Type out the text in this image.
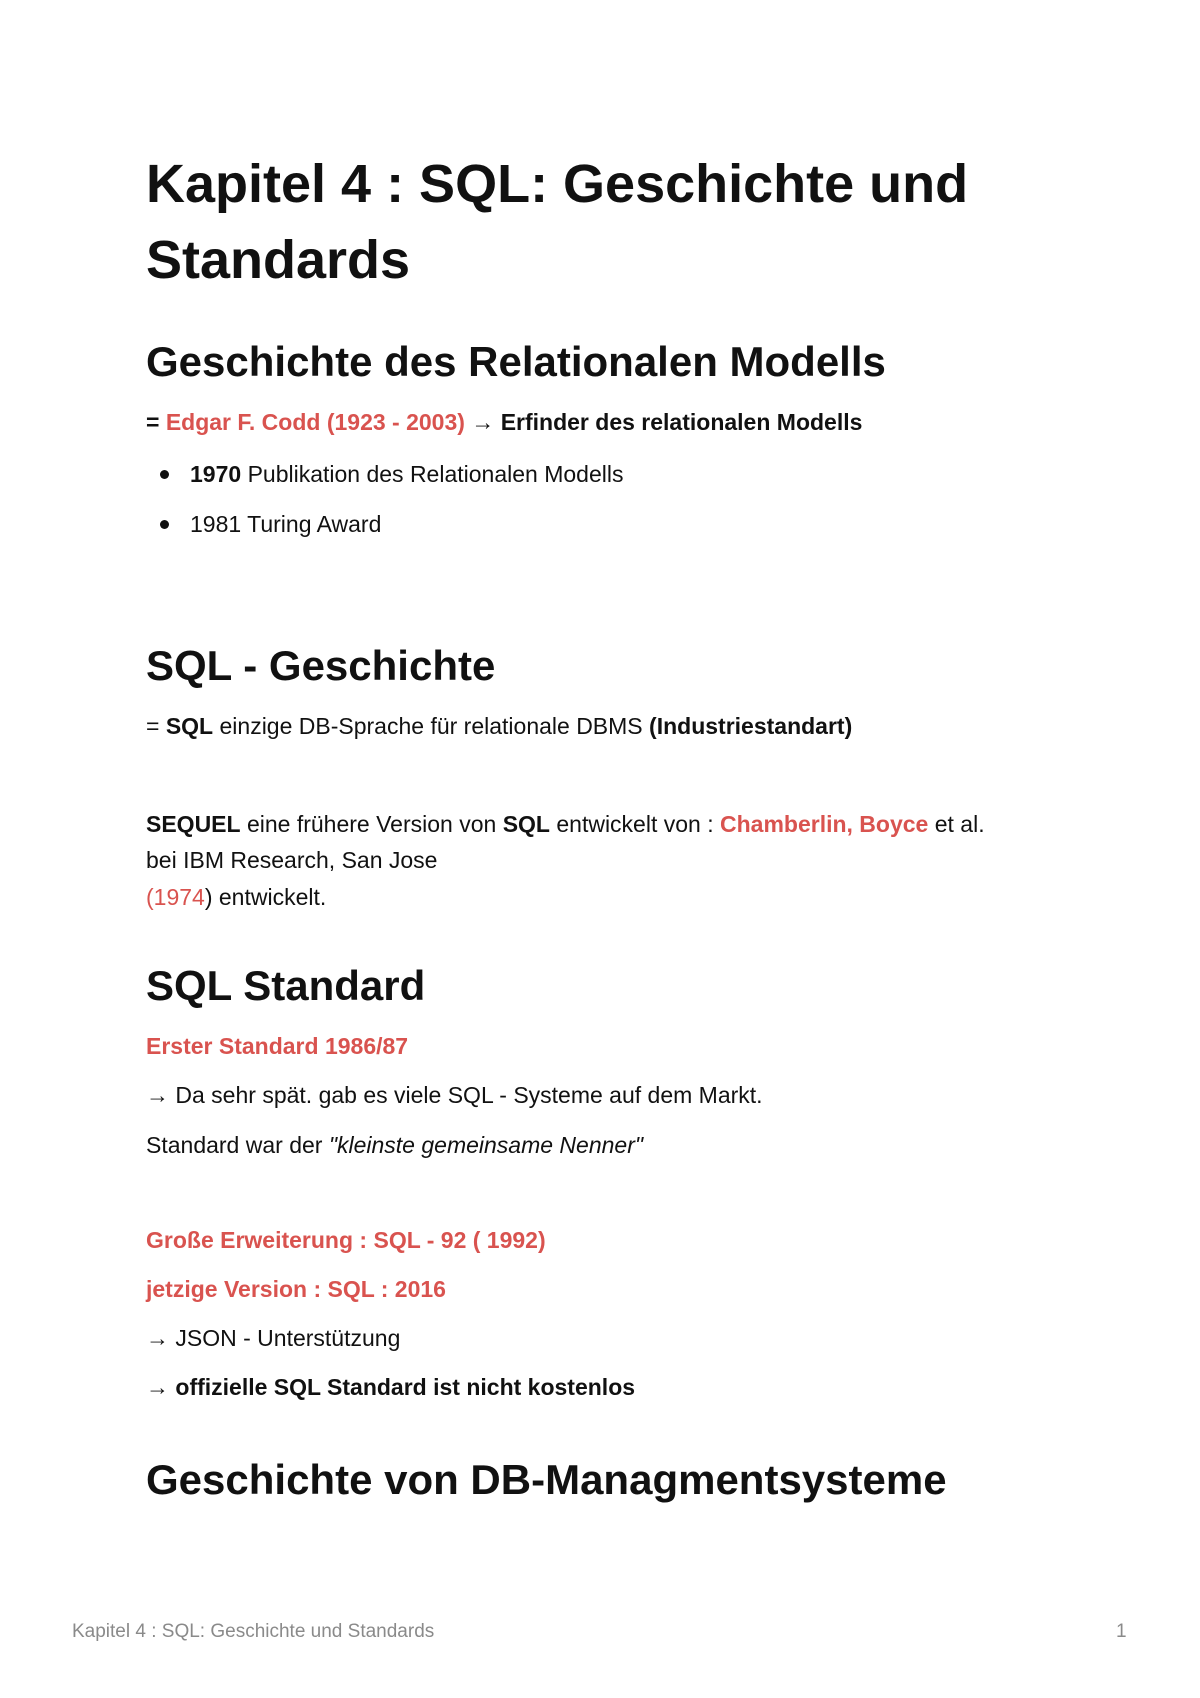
Kapitel 4 : SQL: Geschichte und Standards
Geschichte des Relationalen Modells

= Edgar F. Codd (1923 - 2003) → Erfinder des relationalen Modells

1970 Publikation des Relationalen Modells

1981 Turing Award

SQL - Geschichte

= SQL einzige DB-Sprache für relationale DBMS (Industriestandart)

SEQUEL eine frühere Version von SQL entwickelt von : Chamberlin, Boyce et al.

bei IBM Research, San Jose

(1974) entwickelt.

SQL Standard

Erster Standard 1986/87

→ Da sehr spät. gab es viele SQL - Systeme auf dem Markt.

Standard war der "kleinste gemeinsame Nenner"

Große Erweiterung : SQL - 92 ( 1992)

jetzige Version : SQL : 2016

→ JSON - Unterstützung

→ offizielle SQL Standard ist nicht kostenlos

Geschichte von DB-Managmentsysteme
Kapitel 4 : SQL: Geschichte und Standards	1
